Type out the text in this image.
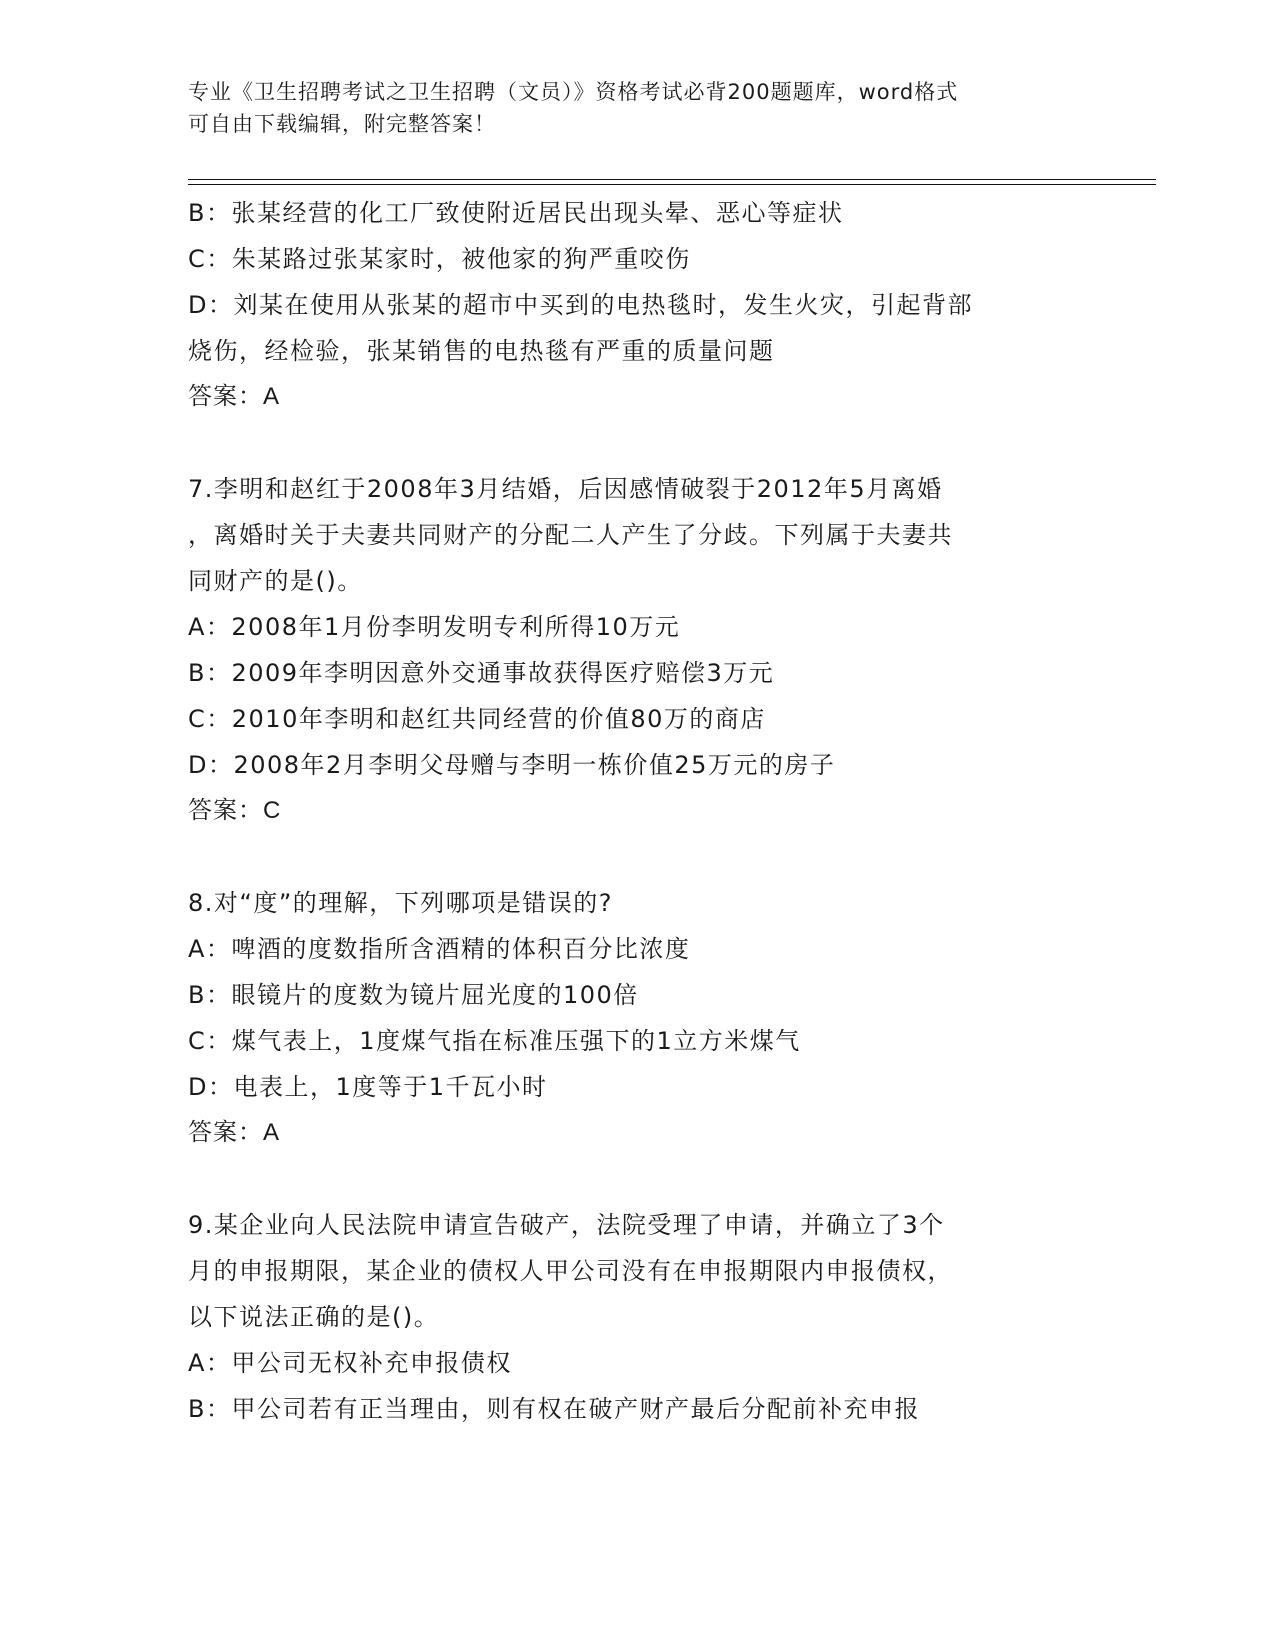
专业《卫生招聘考试之卫生招聘（文员）》资格考试必背200题题库，word格式
可自由下载编辑，附完整答案！
B：张某经营的化工厂致使附近居民出现头晕、恶心等症状
C：朱某路过张某家时，被他家的狗严重咬伤
D：刘某在使用从张某的超市中买到的电热毯时，发生火灾，引起背部
烧伤，经检验，张某销售的电热毯有严重的质量问题
答案：A
7.李明和赵红于2008年3月结婚，后因感情破裂于2012年5月离婚
，离婚时关于夫妻共同财产的分配二人产生了分歧。下列属于夫妻共
同财产的是()。
A：2008年1月份李明发明专利所得10万元
B：2009年李明因意外交通事故获得医疗赔偿3万元
C：2010年李明和赵红共同经营的价值80万的商店
D：2008年2月李明父母赠与李明一栋价值25万元的房子
答案：C
8.对“度”的理解，下列哪项是错误的?
A：啤酒的度数指所含酒精的体积百分比浓度
B：眼镜片的度数为镜片屈光度的100倍
C：煤气表上，1度煤气指在标准压强下的1立方米煤气
D：电表上，1度等于1千瓦小时
答案：A
9.某企业向人民法院申请宣告破产，法院受理了申请，并确立了3个
月的申报期限，某企业的债权人甲公司没有在申报期限内申报债权，
以下说法正确的是()。
A：甲公司无权补充申报债权
B：甲公司若有正当理由，则有权在破产财产最后分配前补充申报
